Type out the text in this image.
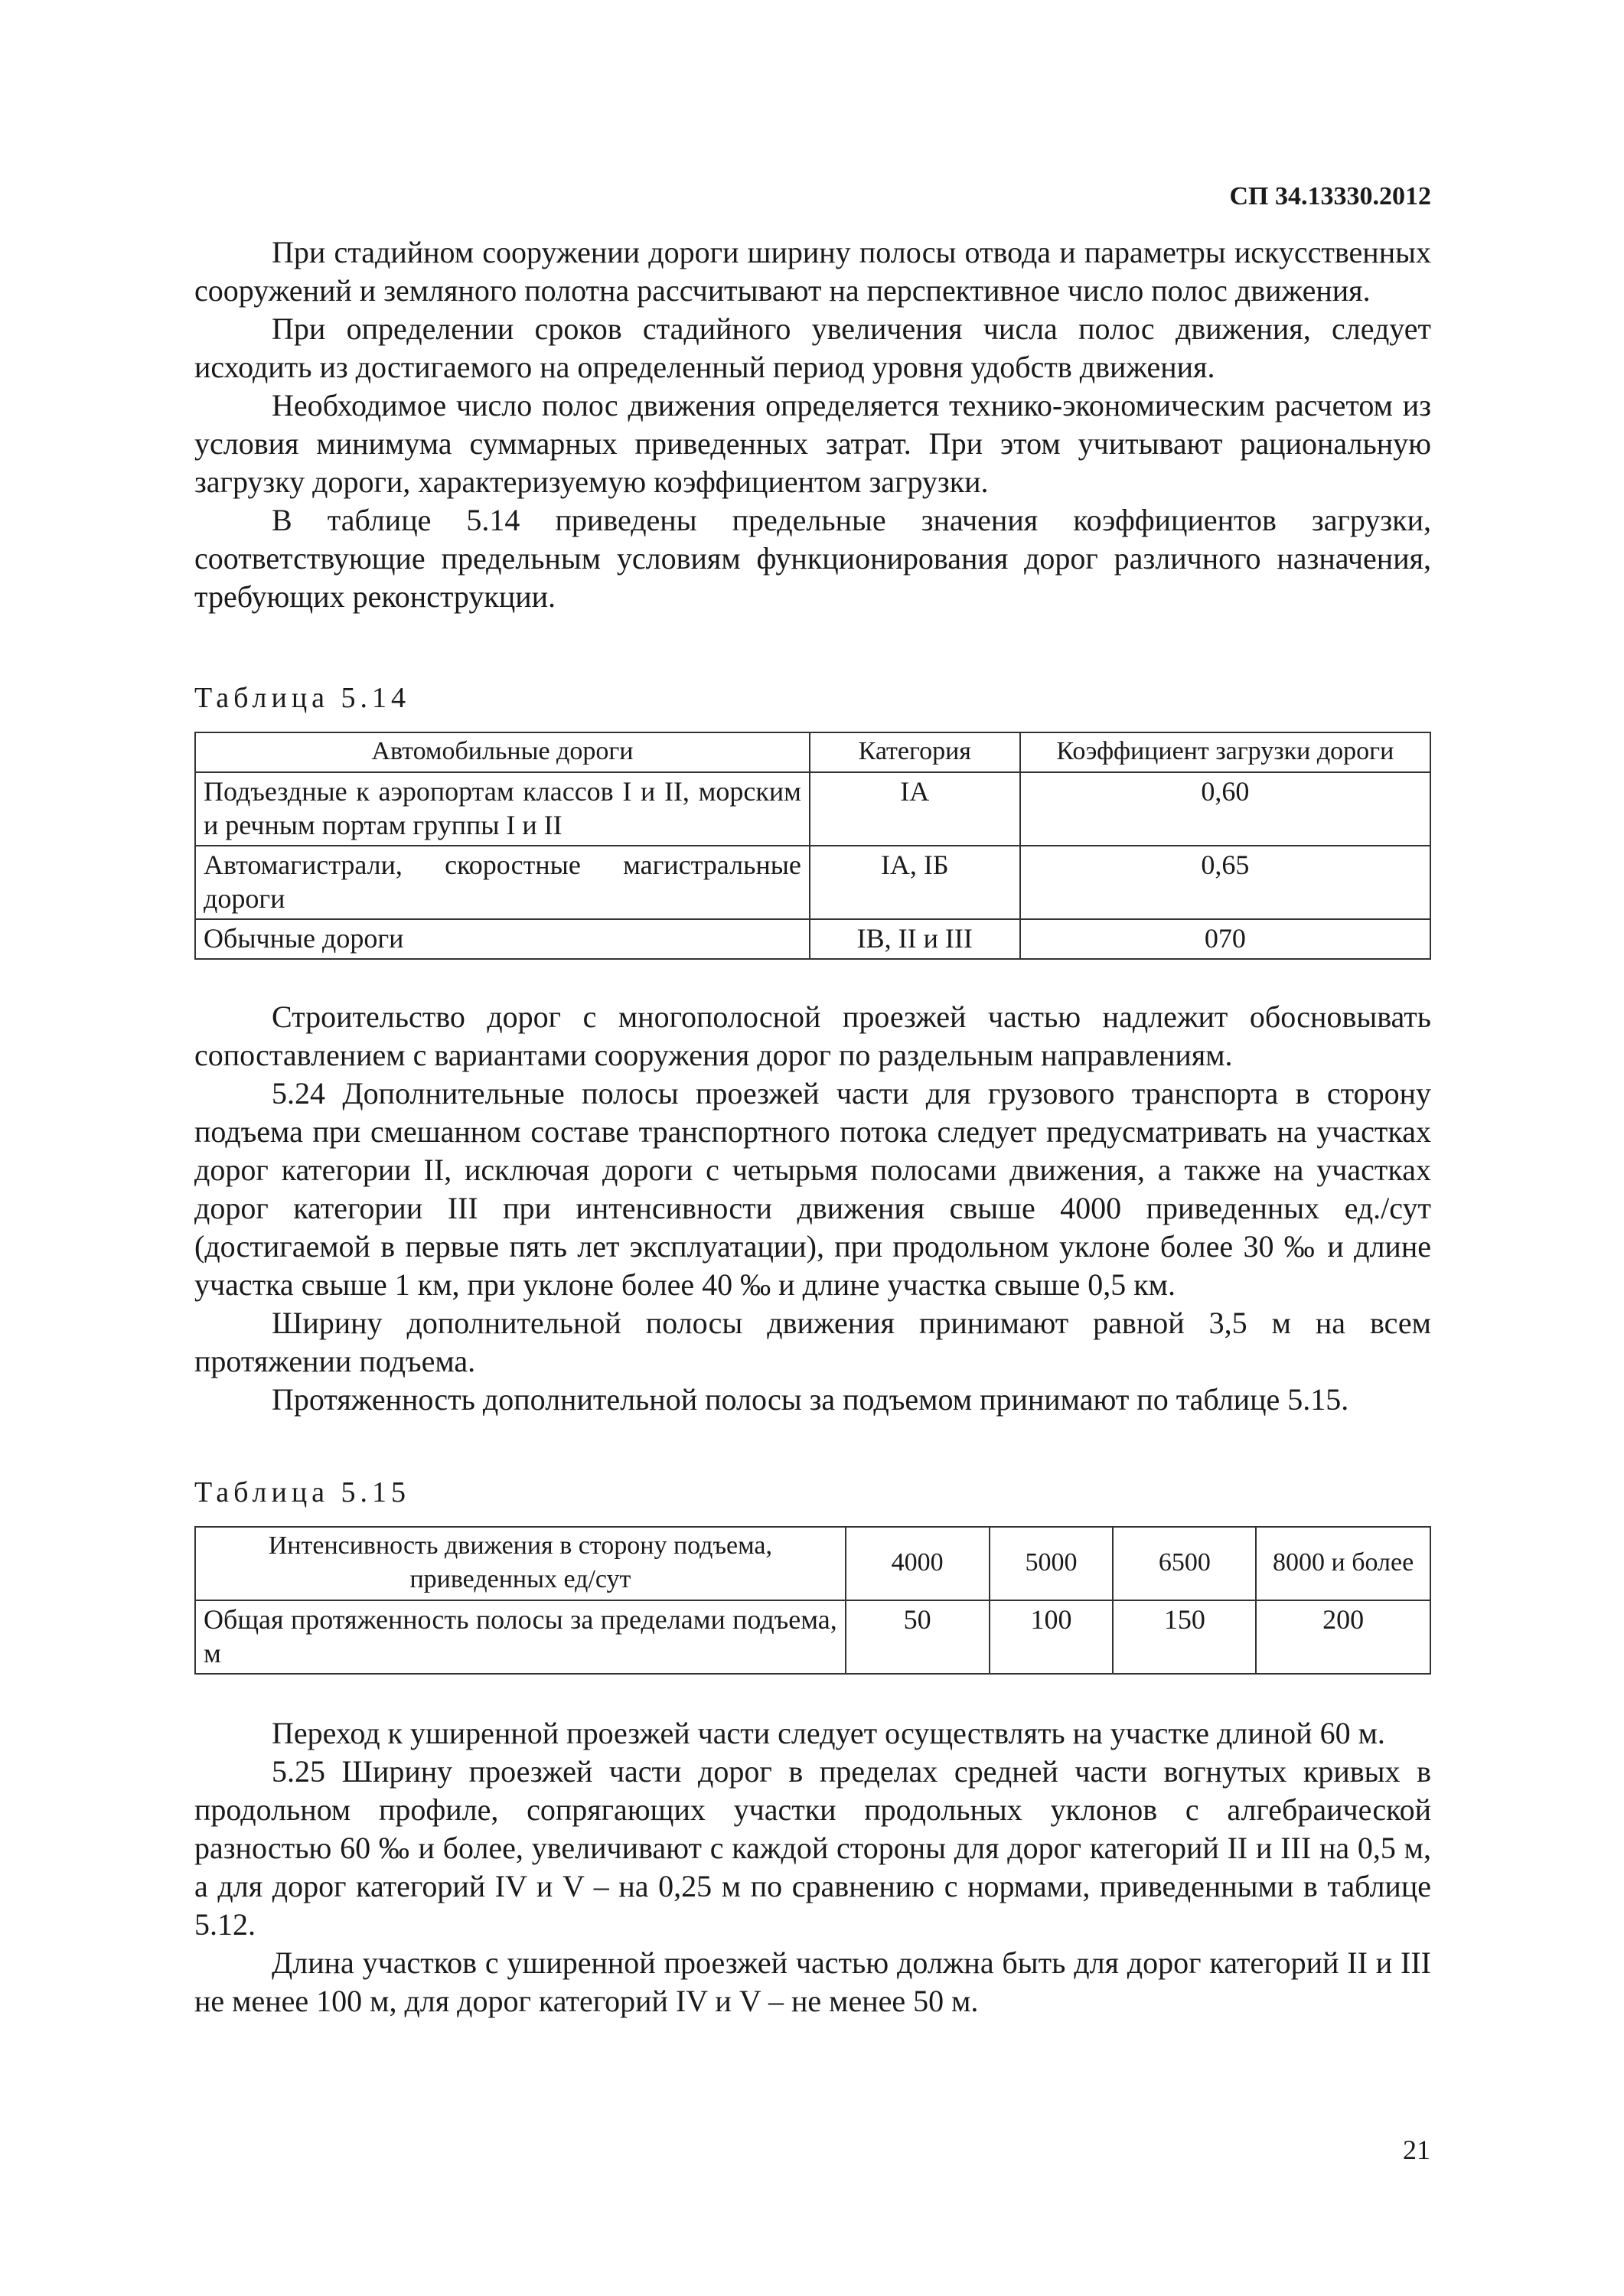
СП 34.13330.2012

При стадийном сооружении дороги ширину полосы отвода и параметры искусственных сооружений и земляного полотна рассчитывают на перспективное число полос движения.

При определении сроков стадийного увеличения числа полос движения, следует исходить из достигаемого на определенный период уровня удобств движения.

Необходимое число полос движения определяется технико-экономическим расчетом из условия минимума суммарных приведенных затрат. При этом учитывают рациональную загрузку дороги, характеризуемую коэффициентом загрузки.

В таблице 5.14 приведены предельные значения коэффициентов загрузки, соответствующие предельным условиям функционирования дорог различного назначения, требующих реконструкции.

Таблица 5.14

Автомобильные дороги	Категория	Коэффициент загрузки дороги
Подъездные к аэропортам классов I и II, морским и речным портам группы I и II	IA	0,60
Автомагистрали, скоростные магистральные дороги	IA, IБ	0,65
Обычные дороги	IB, II и III	070

Строительство дорог с многополосной проезжей частью надлежит обосновывать сопоставлением с вариантами сооружения дорог по раздельным направлениям.

5.24 Дополнительные полосы проезжей части для грузового транспорта в сторону подъема при смешанном составе транспортного потока следует предусматривать на участках дорог категории II, исключая дороги с четырьмя полосами движения, а также на участках дорог категории III при интенсивности движения свыше 4000 приведенных ед./сут (достигаемой в первые пять лет эксплуатации), при продольном уклоне более 30 ‰ и длине участка свыше 1 км, при уклоне более 40 ‰ и длине участка свыше 0,5 км.

Ширину дополнительной полосы движения принимают равной 3,5 м на всем протяжении подъема.

Протяженность дополнительной полосы за подъемом принимают по таблице 5.15.

Таблица 5.15

Интенсивность движения в сторону подъема, приведенных ед/сут	4000	5000	6500	8000 и более
Общая протяженность полосы за пределами подъема, м	50	100	150	200

Переход к уширенной проезжей части следует осуществлять на участке длиной 60 м.

5.25 Ширину проезжей части дорог в пределах средней части вогнутых кривых в продольном профиле, сопрягающих участки продольных уклонов с алгебраической разностью 60 ‰ и более, увеличивают с каждой стороны для дорог категорий II и III на 0,5 м, а для дорог категорий IV и V – на 0,25 м по сравнению с нормами, приведенными в таблице 5.12.

Длина участков с уширенной проезжей частью должна быть для дорог категорий II и III не менее 100 м, для дорог категорий IV и V – не менее 50 м.

21
